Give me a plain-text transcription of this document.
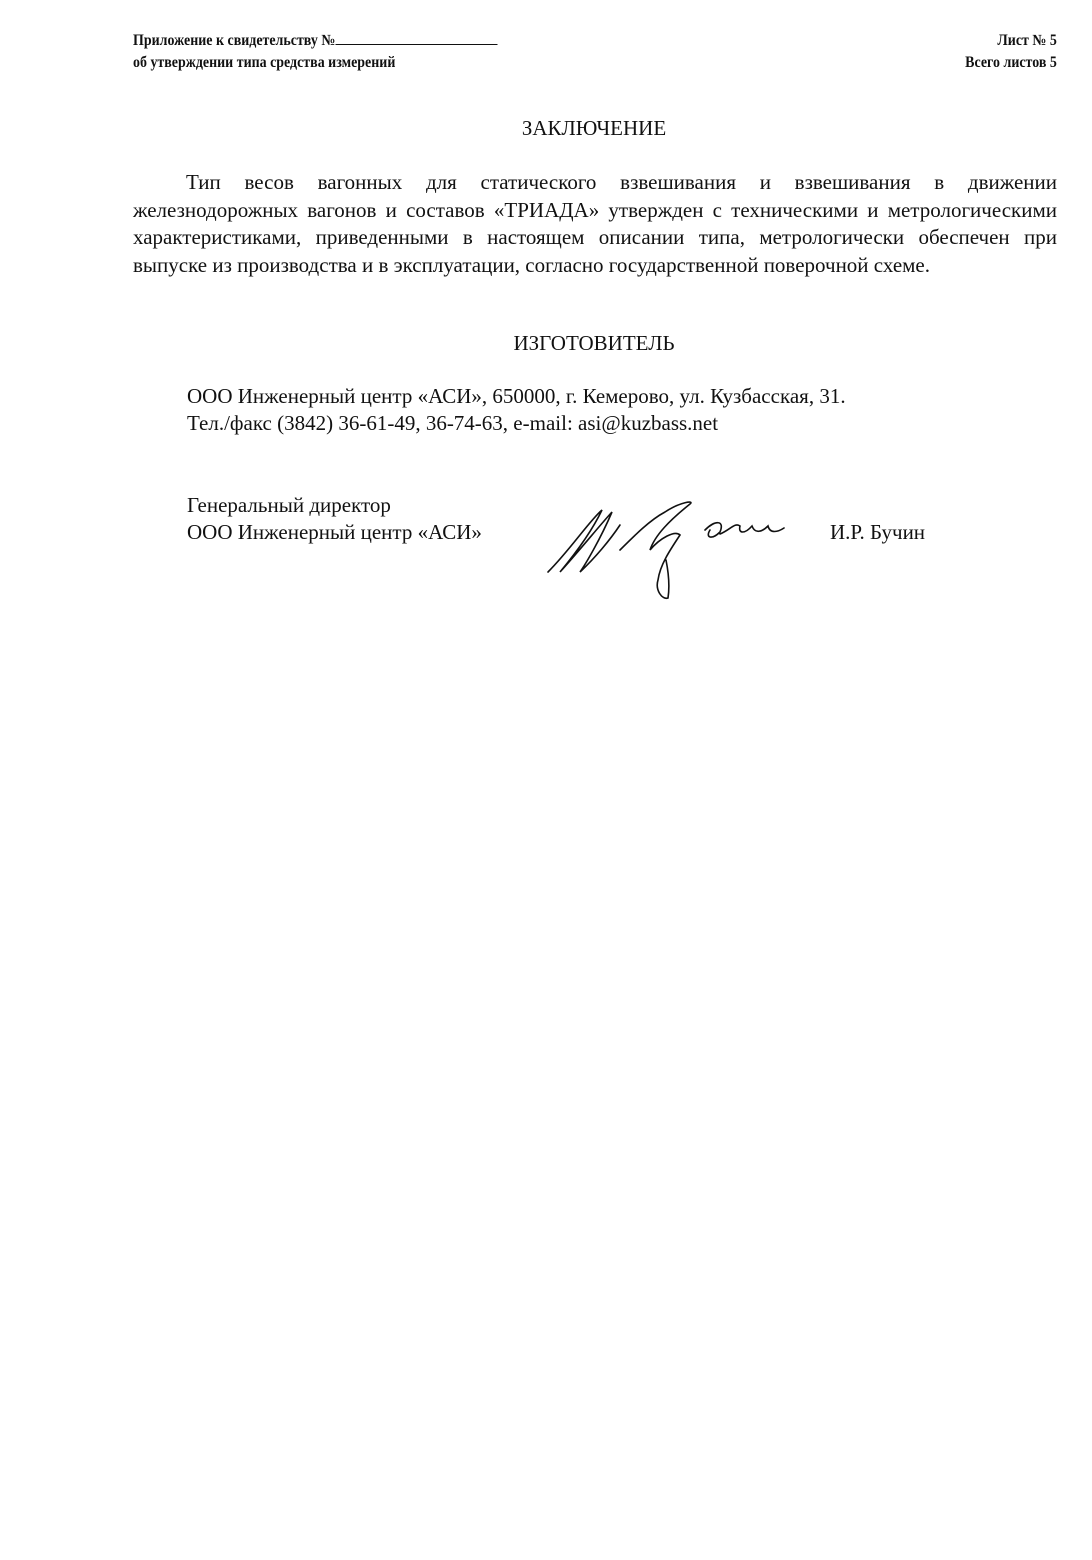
Приложение к свидетельству №
об утверждении типа средства измерений
Лист № 5
Всего листов 5
ЗАКЛЮЧЕНИЕ
Тип весов вагонных для статического взвешивания и взвешивания в движении железнодорожных вагонов и составов «ТРИАДА» утвержден с техническими и метрологическими характеристиками, приведенными в настоящем описании типа, метрологически обеспечен при выпуске из производства и в эксплуатации, согласно государственной поверочной схеме.
ИЗГОТОВИТЕЛЬ
ООО Инженерный центр «АСИ», 650000, г. Кемерово, ул. Кузбасская, 31.
Тел./факс (3842) 36-61-49, 36-74-63, e-mail: asi@kuzbass.net
Генеральный директор
ООО Инженерный центр «АСИ»	И.Р. Бучин
